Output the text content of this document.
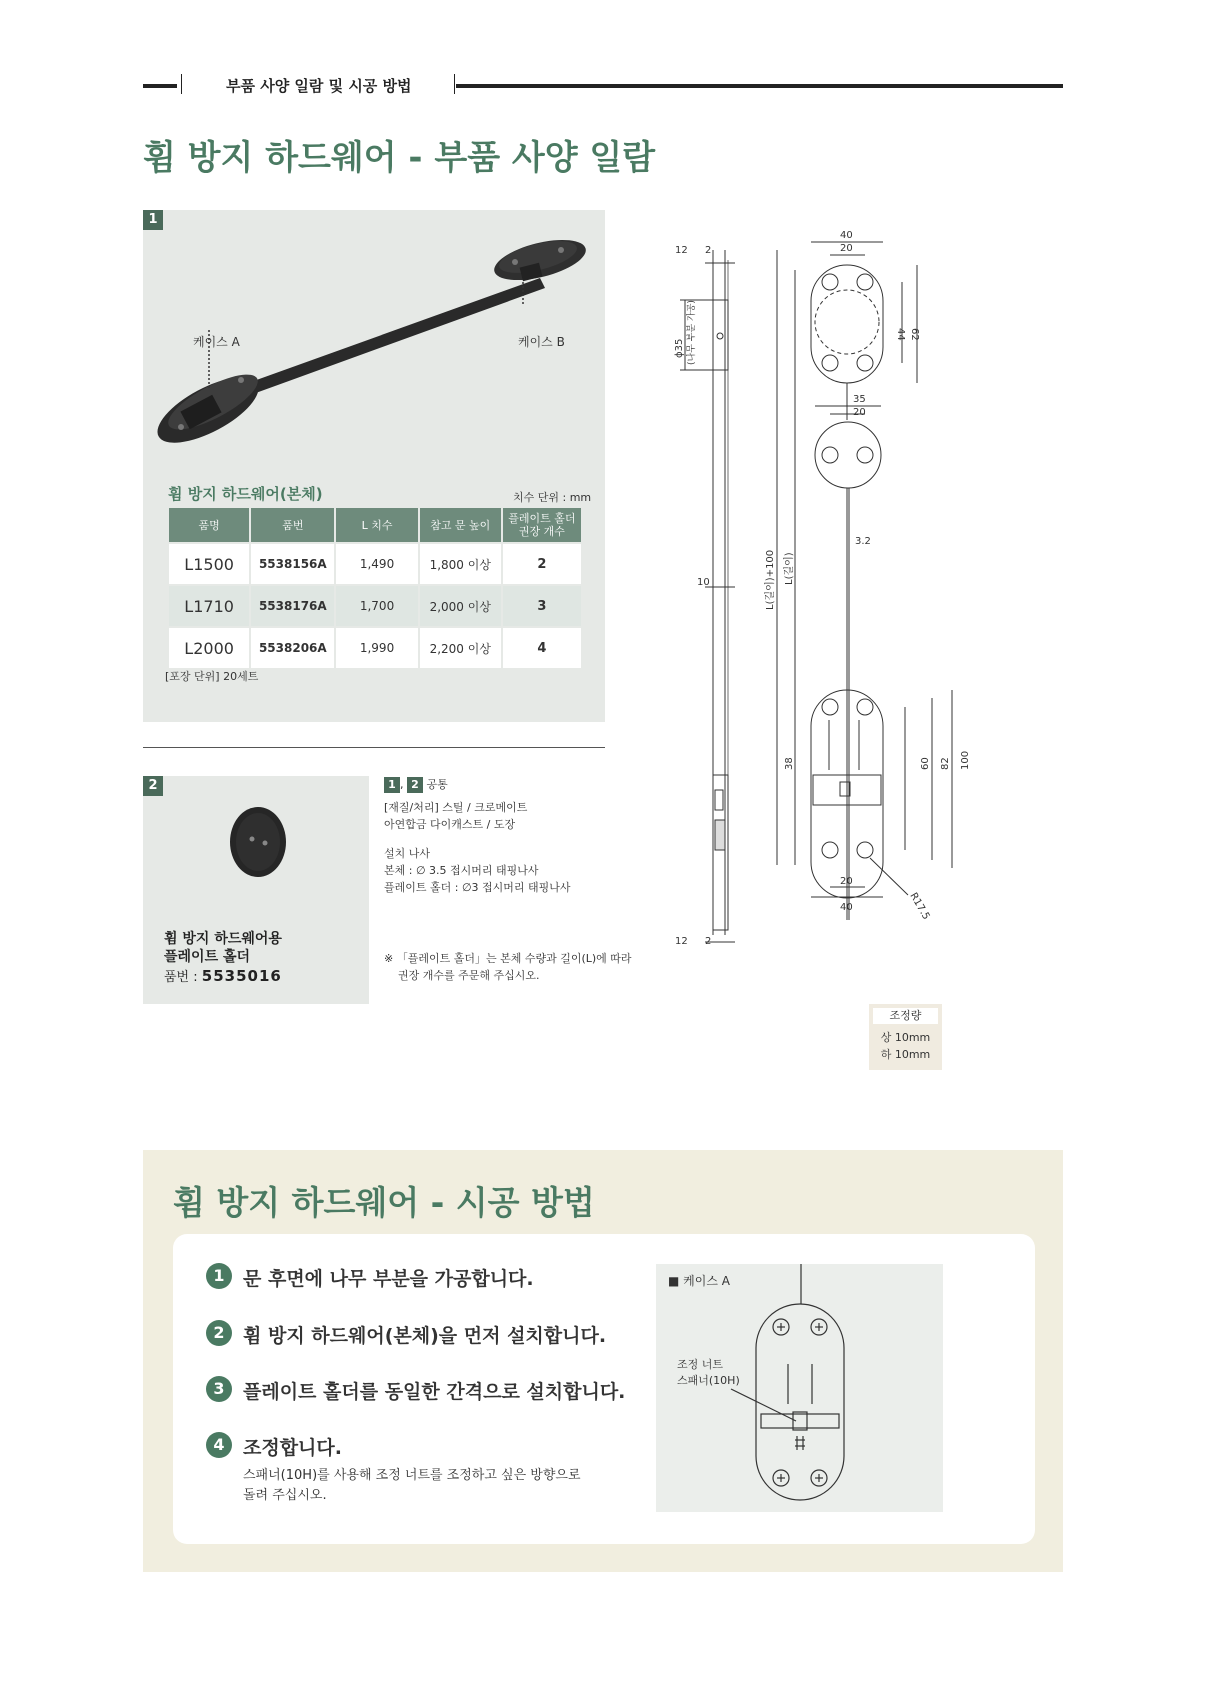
부품 사양 일람 및 시공 방법
휨 방지 하드웨어 - 부품 사양 일람
1
케이스 A	케이스 B
휨 방지 하드웨어(본체)	치수 단위 : mm
품명	품번	L 치수	참고 문 높이	플레이트 홀더 권장 개수
L1500	5538156A	1,490	1,800 이상	2
L1710	5538176A	1,700	2,000 이상	3
L2000	5538206A	1,990	2,200 이상	4
[포장 단위] 20세트
2
휨 방지 하드웨어용
플레이트 홀더
품번 : 5535016
1 , 2 공통
[재질/처리] 스틸 / 크로메이트
아연합금 다이캐스트 / 도장
설치 나사
본체 : ∅ 3.5 접시머리 태핑나사
플레이트 홀더 : ∅3 접시머리 태핑나사
※ 「플레이트 홀더」는 본체 수량과 길이(L)에 따라
권장 개수를 주문해 주십시오.
12 2
ϕ35 (나무 부분 가공)
10
12 2
40
20
44 62
35
20
3.2
38	60 82 100
20
40	R17.5
L(길이)+100 L(길이)
조정량
상 10mm
하 10mm
휨 방지 하드웨어 - 시공 방법
1 문 후면에 나무 부분을 가공합니다.
2 휨 방지 하드웨어(본체)을 먼저 설치합니다.
3 플레이트 홀더를 동일한 간격으로 설치합니다.
4 조정합니다.
스패너(10H)를 사용해 조정 너트를 조정하고 싶은 방향으로
돌려 주십시오.
■ 케이스 A
조정 너트
스패너(10H)
